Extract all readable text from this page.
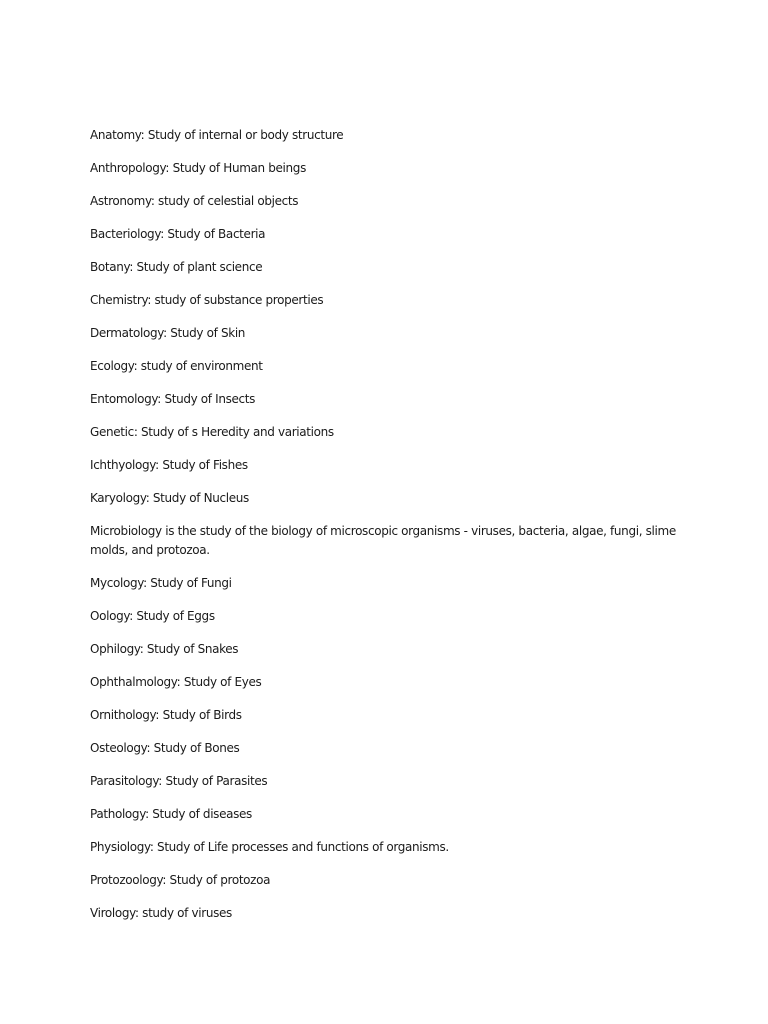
Anatomy: Study of internal or body structure
Anthropology: Study of Human beings
Astronomy: study of celestial objects
Bacteriology: Study of Bacteria
Botany: Study of plant science
Chemistry: study of substance properties
Dermatology: Study of Skin
Ecology: study of environment
Entomology: Study of Insects
Genetic: Study of s Heredity and variations
Ichthyology: Study of Fishes
Karyology: Study of Nucleus
Microbiology is the study of the biology of microscopic organisms - viruses, bacteria, algae, fungi, slime molds, and protozoa.
Mycology: Study of Fungi
Oology: Study of Eggs
Ophilogy: Study of Snakes
Ophthalmology: Study of Eyes
Ornithology: Study of Birds
Osteology: Study of Bones
Parasitology: Study of Parasites
Pathology: Study of diseases
Physiology: Study of Life processes and functions of organisms.
Protozoology: Study of protozoa
Virology: study of viruses
